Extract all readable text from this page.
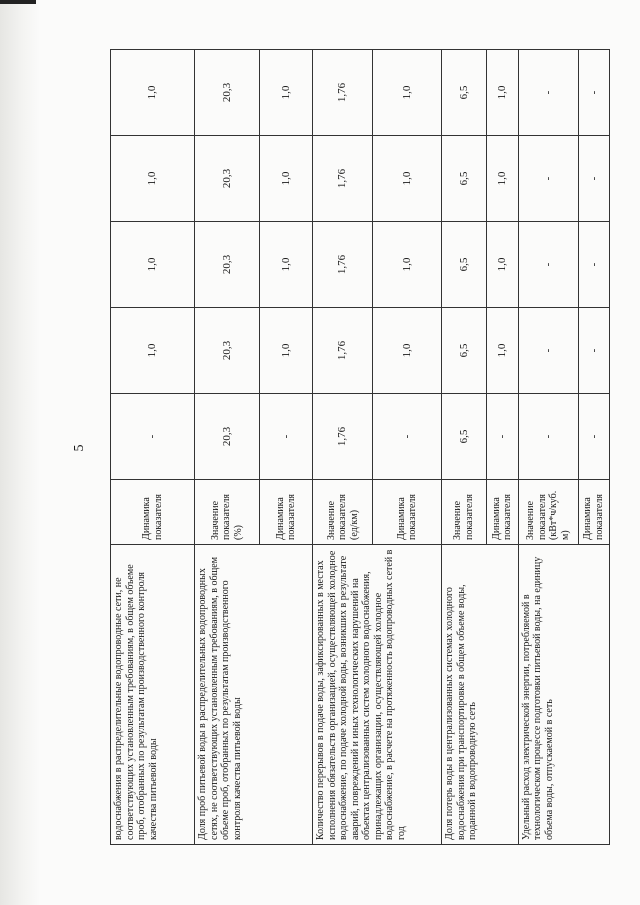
5
водоснабжения в распределительные водопроводные сети, не соответствующих установленным требованиям, в общем объеме проб, отобранных по результатам производственного контроля качества питьевой воды	Динамика показателя	-	1,0	1,0	1,0	1,0
Доля проб питьевой воды в распределительных водопроводных сетях, не соответствующих установленным требованиям, в общем объеме проб, отобранных по результатам производственного контроля качества питьевой воды	Значение показателя (%)	20,3	20,3	20,3	20,3	20,3
	Динамика показателя	-	1,0	1,0	1,0	1,0
Количество перерывов в подаче воды, зафиксированных в местах исполнения обязательств организацией, осуществляющей холодное водоснабжение, по подаче холодной воды, возникших в результате аварий, повреждений и иных технологических нарушений на объектах централизованных систем холодного водоснабжения, принадлежащих организации, осуществляющей холодное водоснабжение, в расчете на протяженность водопроводных сетей в год	Значение показателя (ед/км)	1,76	1,76	1,76	1,76	1,76
	Динамика показателя	-	1,0	1,0	1,0	1,0
Доля потерь воды в централизованных системах холодного водоснабжения при транспортировке в общем объеме воды, поданной в водопроводную сеть	Значение показателя	6,5	6,5	6,5	6,5	6,5
	Динамика показателя	-	1,0	1,0	1,0	1,0
Удельный расход электрической энергии, потребляемой в технологическом процессе подготовки питьевой воды, на единицу объема воды, отпускаемой в сеть	Значение показателя (кВт*ч/куб. м)	-	-	-	-	-
	Динамика показателя	-	-	-	-	-
